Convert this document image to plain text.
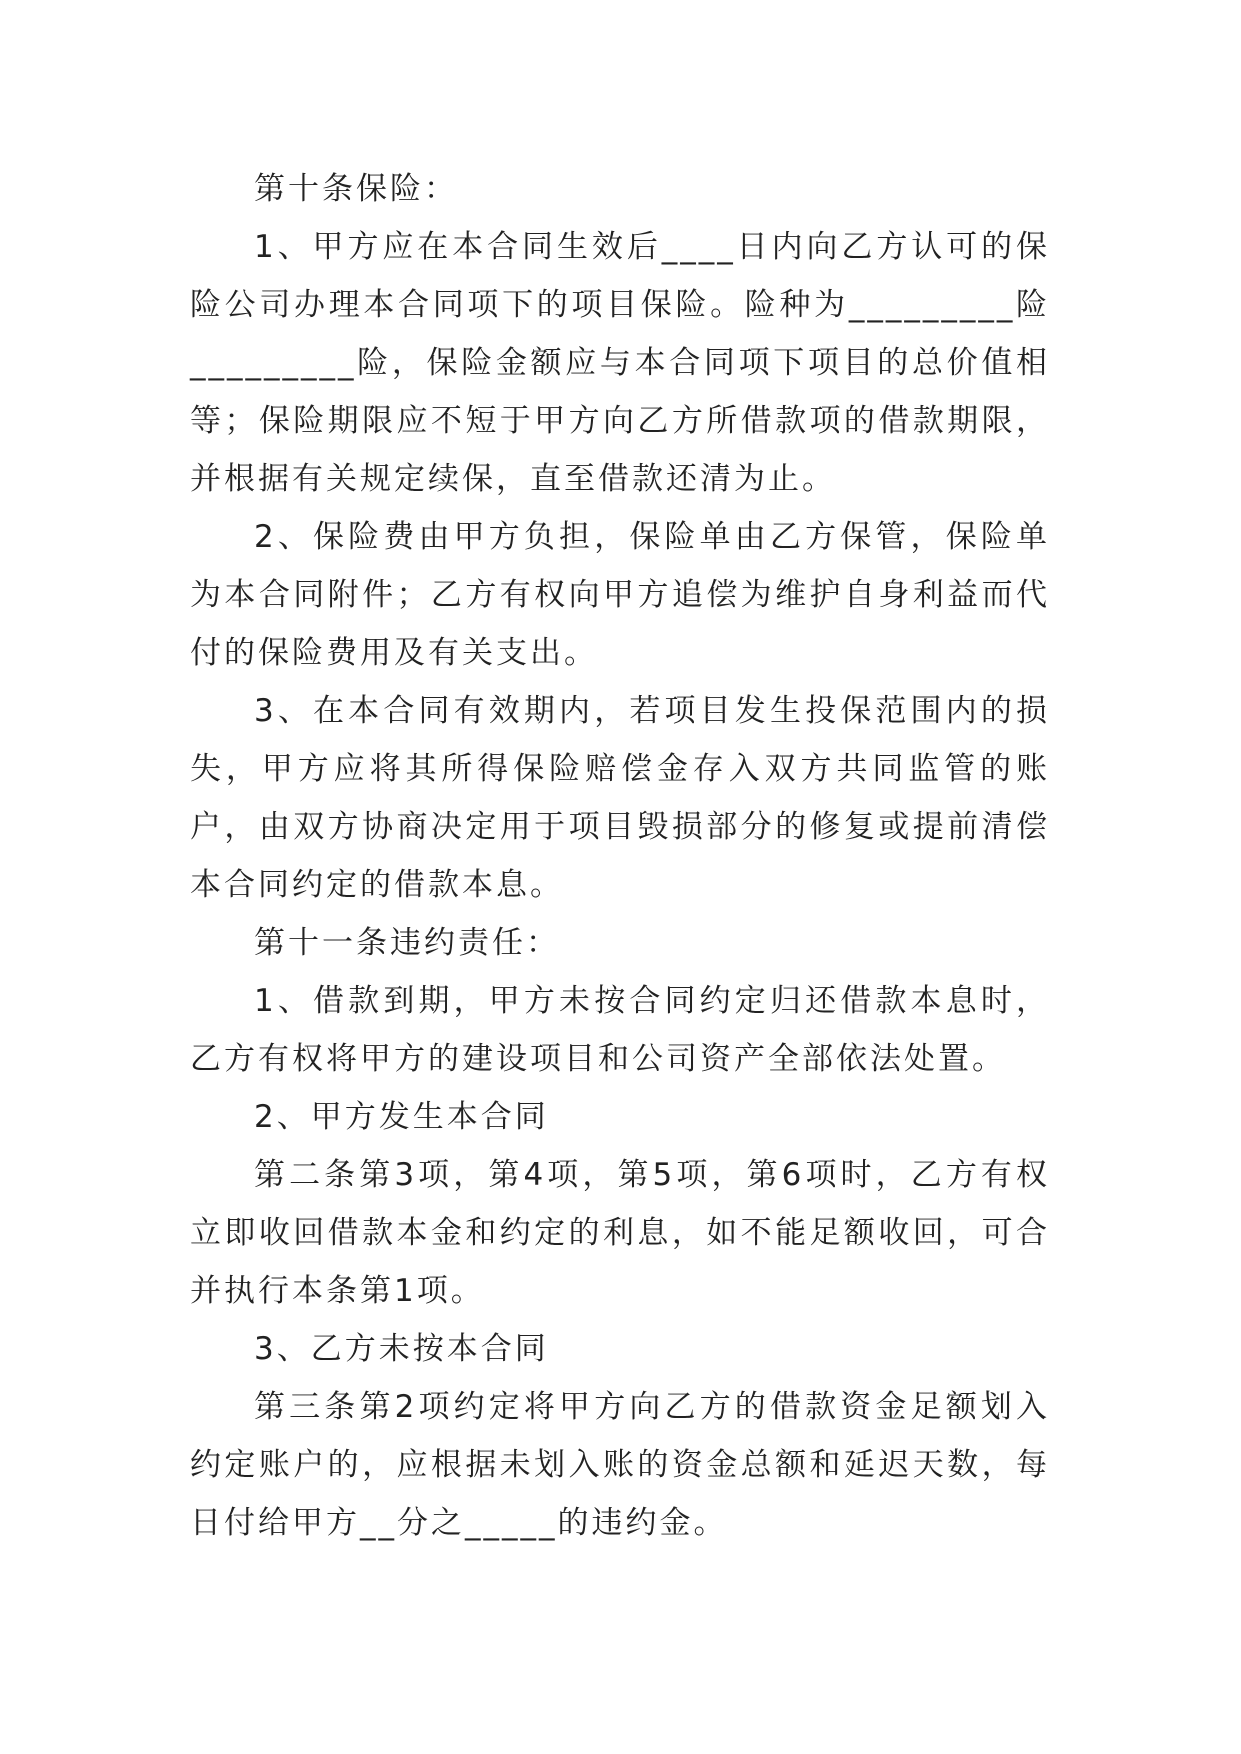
第十条保险：

1、甲方应在本合同生效后____日内向乙方认可的保险公司办理本合同项下的项目保险。险种为_________险_________险，保险金额应与本合同项下项目的总价值相等；保险期限应不短于甲方向乙方所借款项的借款期限，并根据有关规定续保，直至借款还清为止。

2、保险费由甲方负担，保险单由乙方保管，保险单为本合同附件；乙方有权向甲方追偿为维护自身利益而代付的保险费用及有关支出。

3、在本合同有效期内，若项目发生投保范围内的损失，甲方应将其所得保险赔偿金存入双方共同监管的账户，由双方协商决定用于项目毁损部分的修复或提前清偿本合同约定的借款本息。

第十一条违约责任：

1、借款到期，甲方未按合同约定归还借款本息时，乙方有权将甲方的建设项目和公司资产全部依法处置。

2、甲方发生本合同

第二条第3项，第4项，第5项，第6项时，乙方有权立即收回借款本金和约定的利息，如不能足额收回，可合并执行本条第1项。

3、乙方未按本合同

第三条第2项约定将甲方向乙方的借款资金足额划入约定账户的，应根据未划入账的资金总额和延迟天数，每日付给甲方__分之_____的违约金。
